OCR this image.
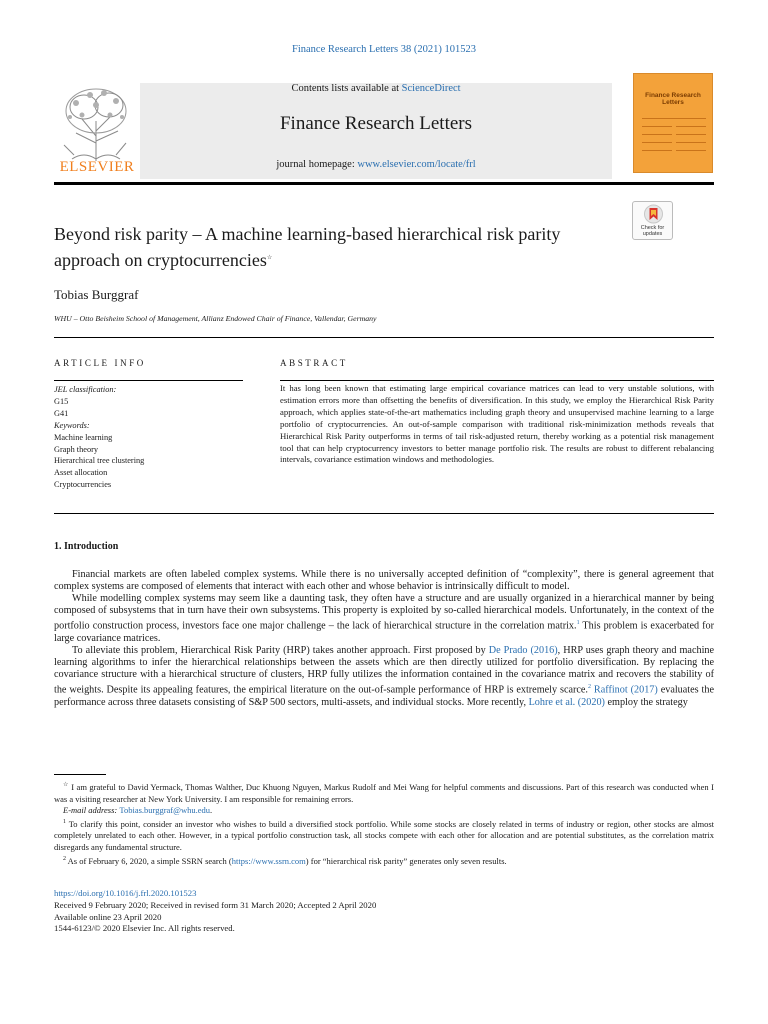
Finance Research Letters 38 (2021) 101523
ELSEVIER
Contents lists available at ScienceDirect
Finance Research Letters
journal homepage: www.elsevier.com/locate/frl
Finance Research Letters
Check for updates
Beyond risk parity – A machine learning-based hierarchical risk parity approach on cryptocurrencies☆
Tobias Burggraf
WHU – Otto Beisheim School of Management, Allianz Endowed Chair of Finance, Vallendar, Germany
ARTICLE INFO	ABSTRACT
JEL classification:
G15
G41
Keywords:
Machine learning
Graph theory
Hierarchical tree clustering
Asset allocation
Cryptocurrencies
It has long been known that estimating large empirical covariance matrices can lead to very unstable solutions, with estimation errors more than offsetting the benefits of diversification. In this study, we employ the Hierarchical Risk Parity approach, which applies state-of-the-art mathematics including graph theory and unsupervised machine learning to a large portfolio of cryptocurrencies. An out-of-sample comparison with traditional risk-minimization methods reveals that Hierarchical Risk Parity outperforms in terms of tail risk-adjusted return, thereby working as a potential risk management tool that can help cryptocurrency investors to better manage portfolio risk. The results are robust to different rebalancing intervals, covariance estimation windows and methodologies.
1. Introduction

Financial markets are often labeled complex systems. While there is no universally accepted definition of “complexity”, there is general agreement that complex systems are composed of elements that interact with each other and whose behavior is intrinsically difficult to model.

While modelling complex systems may seem like a daunting task, they often have a structure and are usually organized in a hierarchical manner by being composed of subsystems that in turn have their own subsystems. This property is exploited by so-called hierarchical models. Unfortunately, in the context of the portfolio construction process, investors face one major challenge – the lack of hierarchical structure in the correlation matrix.$^1$ This problem is exacerbated for large covariance matrices.

To alleviate this problem, Hierarchical Risk Parity (HRP) takes another approach. First proposed by De Prado (2016), HRP uses graph theory and machine learning algorithms to infer the hierarchical relationships between the assets which are then directly utilized for portfolio diversification. By replacing the covariance structure with a hierarchical structure of clusters, HRP fully utilizes the information contained in the covariance matrix and recovers the stability of the weights. Despite its appealing features, the empirical literature on the out-of-sample performance of HRP is extremely scarce.$^2$ Raffinot (2017) evaluates the performance across three datasets consisting of S&P 500 sectors, multi-assets, and individual stocks. More recently, Lohre et al. (2020) employ the strategy

☆ I am grateful to David Yermack, Thomas Walther, Duc Khuong Nguyen, Markus Rudolf and Mei Wang for helpful comments and discussions. Part of this research was conducted when I was a visiting researcher at New York University. I am responsible for remaining errors.

E-mail address: Tobias.burggraf@whu.edu.

$^1$ To clarify this point, consider an investor who wishes to build a diversified stock portfolio. While some stocks are closely related in terms of industry or region, other stocks are almost completely unrelated to each other. However, in a typical portfolio construction task, all stocks compete with each other for allocation and are potential substitutes, as the correlation matrix disregards any fundamental structure.

$^2$ As of February 6, 2020, a simple SSRN search (https://www.ssrn.com) for “hierarchical risk parity” generates only seven results.

https://doi.org/10.1016/j.frl.2020.101523
Received 9 February 2020; Received in revised form 31 March 2020; Accepted 2 April 2020
Available online 23 April 2020
1544-6123/© 2020 Elsevier Inc. All rights reserved.
